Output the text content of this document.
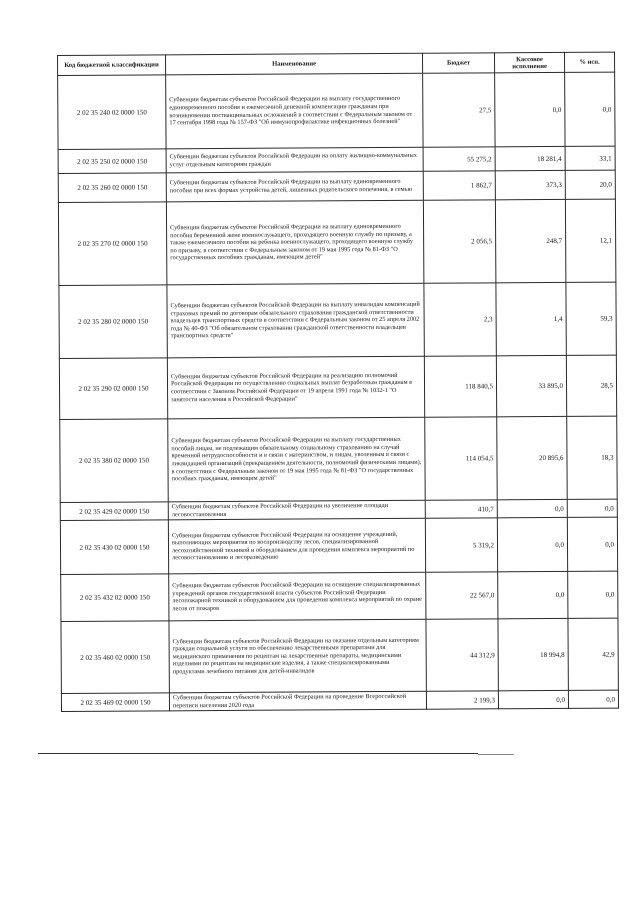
Код бюджетной классификации	Наименование	Бюджет	Кассовое исполнение	% исп.
2 02 35 240 02 0000 150	Субвенции бюджетам субъектов Российской Федерации на выплату государственного единовременного пособия и ежемесячной денежной компенсации гражданам при возникновении поствакцинальных осложнений в соответствии с Федеральным законом от 17 сентября 1998 года № 157-ФЗ "Об иммунопрофилактике инфекционных болезней"	27,5	0,0	0,0
2 02 35 250 02 0000 150	Субвенции бюджетам субъектов Российской Федерации на оплату жилищно-коммунальных услуг отдельным категориям граждан	55 275,2	18 281,4	33,1
2 02 35 260 02 0000 150	Субвенции бюджетам субъектов Российской Федерации на выплату единовременного пособия при всех формах устройства детей, лишенных родительского попечения, в семью	1 862,7	373,3	20,0
2 02 35 270 02 0000 150	Субвенции бюджетам субъектов Российской Федерации на выплату единовременного пособия беременной жене военнослужащего, проходящего военную службу по призыву, а также ежемесячного пособия на ребенка военнослужащего, проходящего военную службу по призыву, в соответствии с Федеральным законом от 19 мая 1995 года № 81-ФЗ "О государственных пособиях гражданам, имеющим детей"	2 056,5	248,7	12,1
2 02 35 280 02 0000 150	Субвенции бюджетам субъектов Российской Федерации на выплату инвалидам компенсаций страховых премий по договорам обязательного страхования гражданской ответственности владельцев транспортных средств в соответствии с Федеральным законом от 25 апреля 2002 года № 40-ФЗ "Об обязательном страховании гражданской ответственности владельцев транспортных средств"	2,3	1,4	59,3
2 02 35 290 02 0000 150	Субвенции бюджетам субъектов Российской Федерации на реализацию полномочий Российской Федерации по осуществлению социальных выплат безработным гражданам в соответствии с Законом Российской Федерации от 19 апреля 1991 года № 1032-1 "О занятости населения в Российской Федерации"	118 840,5	33 895,0	28,5
2 02 35 380 02 0000 150	Субвенции бюджетам субъектов Российской Федерации на выплату государственных пособий лицам, не подлежащим обязательному социальному страхованию на случай временной нетрудоспособности и в связи с материнством, и лицам, уволенным в связи с ликвидацией организаций (прекращением деятельности, полномочий физическими лицами), в соответствии с Федеральным законом от 19 мая 1995 года № 81-ФЗ "О государственных пособиях гражданам, имеющим детей"	114 054,5	20 895,6	18,3
2 02 35 429 02 0000 150	Субвенции бюджетам субъектов Российской Федерации на увеличение площади лесовосстановления	410,7	0,0	0,0
2 02 35 430 02 0000 150	Субвенции бюджетам субъектов Российской Федерации на оснащение учреждений, выполняющих мероприятия по воспроизводству лесов, специализированной лесохозяйственной техникой и оборудованием для проведения комплекса мероприятий по лесовосстановлению и лесоразведению	5 319,2	0,0	0,0
2 02 35 432 02 0000 150	Субвенции бюджетам субъектов Российской Федерации на оснащение специализированных учреждений органов государственной власти субъектов Российской Федерации лесопожарной техникой и оборудованием для проведения комплекса мероприятий по охране лесов от пожаров	22 567,0	0,0	0,0
2 02 35 460 02 0000 150	Субвенции бюджетам субъектов Российской Федерации на оказание отдельным категориям граждан социальной услуги по обеспечению лекарственными препаратами для медицинского применения по рецептам на лекарственные препараты, медицинскими изделиями по рецептам на медицинские изделия, а также специализированными продуктами лечебного питания для детей-инвалидов	44 312,9	18 994,8	42,9
2 02 35 469 02 0000 150	Субвенции бюджетам субъектов Российской Федерации на проведение Всероссийской переписи населения 2020 года	2 199,3	0,0	0,0
